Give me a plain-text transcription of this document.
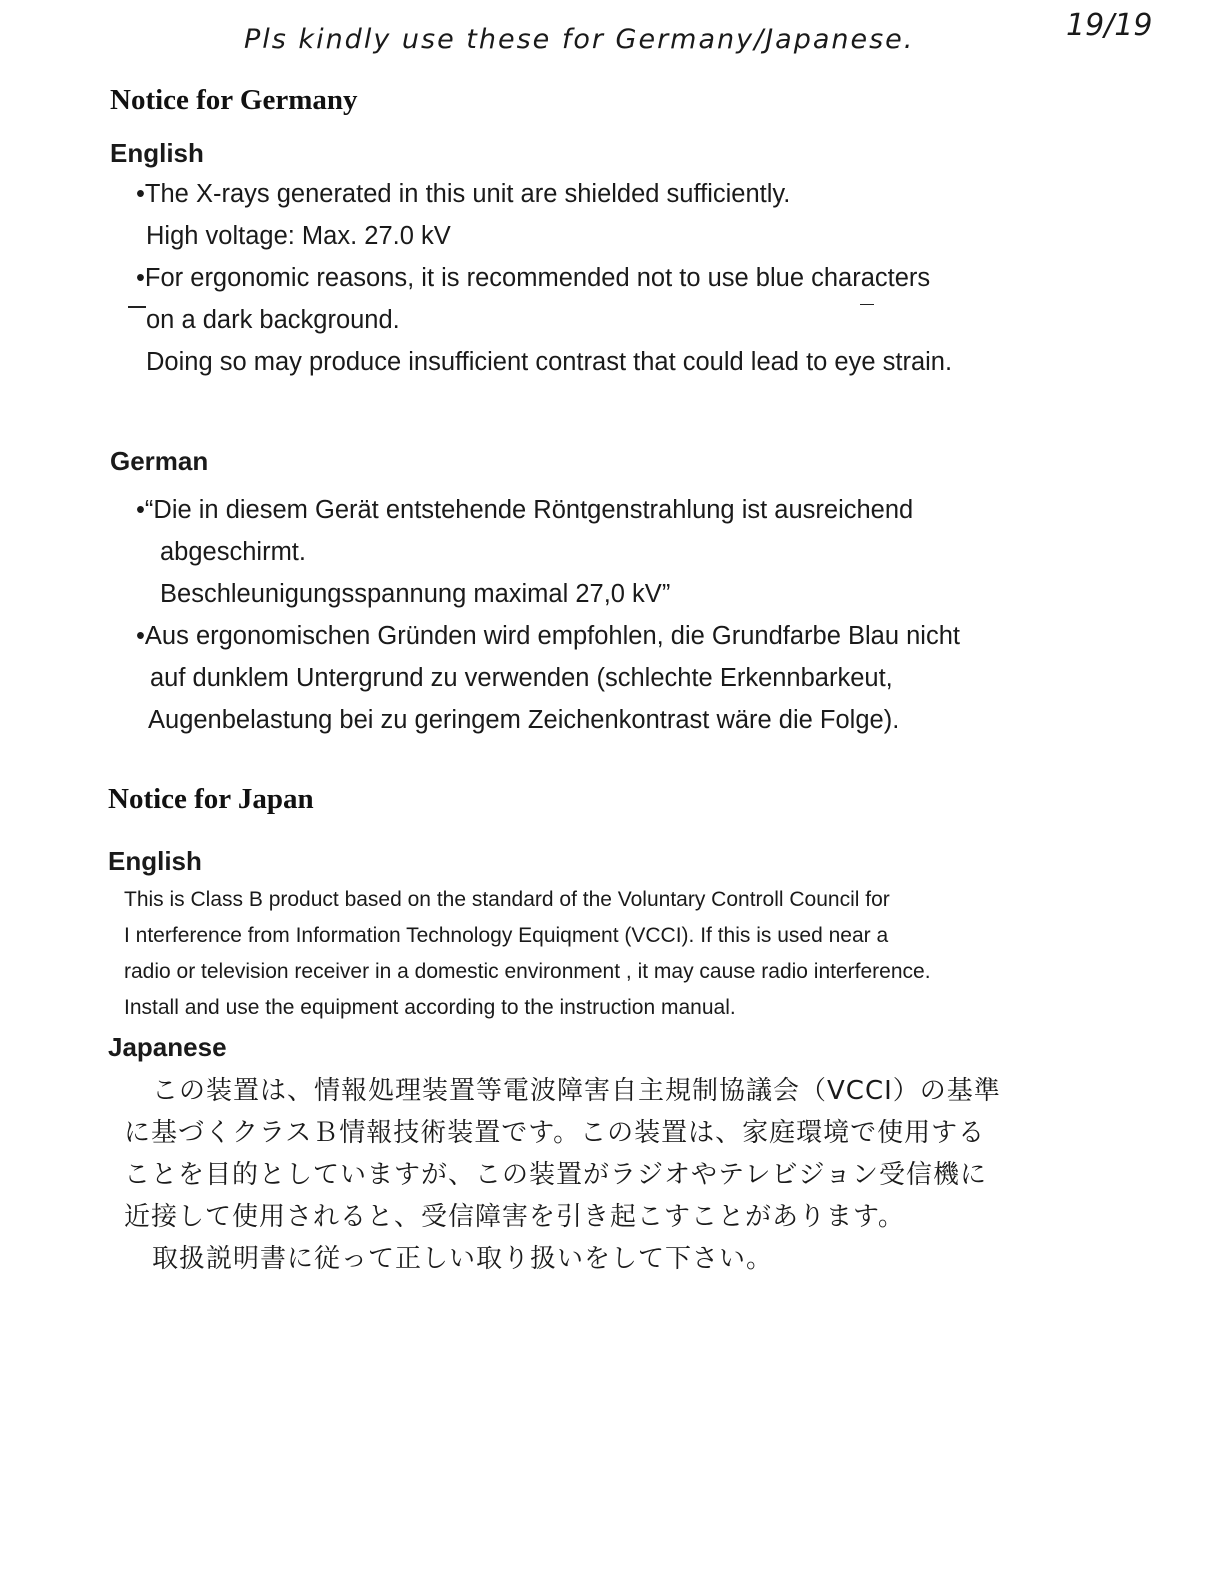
Pls kindly use these for Germany/Japanese.	19/19
Notice for Germany
English
•The X-rays generated in this unit are shielded sufficiently.
High voltage: Max. 27.0 kV
•For ergonomic reasons, it is recommended not to use blue characters
on a dark background.
Doing so may produce insufficient contrast that could lead to eye strain.
German
•“Die in diesem Gerät entstehende Röntgenstrahlung ist ausreichend
abgeschirmt.
Beschleunigungsspannung maximal 27,0 kV”
•Aus ergonomischen Gründen wird empfohlen, die Grundfarbe Blau nicht
auf dunklem Untergrund zu verwenden (schlechte Erkennbarkeut,
Augenbelastung bei zu geringem Zeichenkontrast wäre die Folge).
Notice for Japan
English
This is Class B product based on the standard of the Voluntary Controll Council for
I nterference from Information Technology Equiqment (VCCI). If this is used near a
radio or television receiver in a domestic environment , it may cause radio interference.
Install and use the equipment according to the instruction manual.
Japanese
この装置は、情報処理装置等電波障害自主規制協議会（VCCI）の基準
に基づくクラスＢ情報技術装置です。この装置は、家庭環境で使用する
ことを目的としていますが、この装置がラジオやテレビジョン受信機に
近接して使用されると、受信障害を引き起こすことがあります。
取扱説明書に従って正しい取り扱いをして下さい。
